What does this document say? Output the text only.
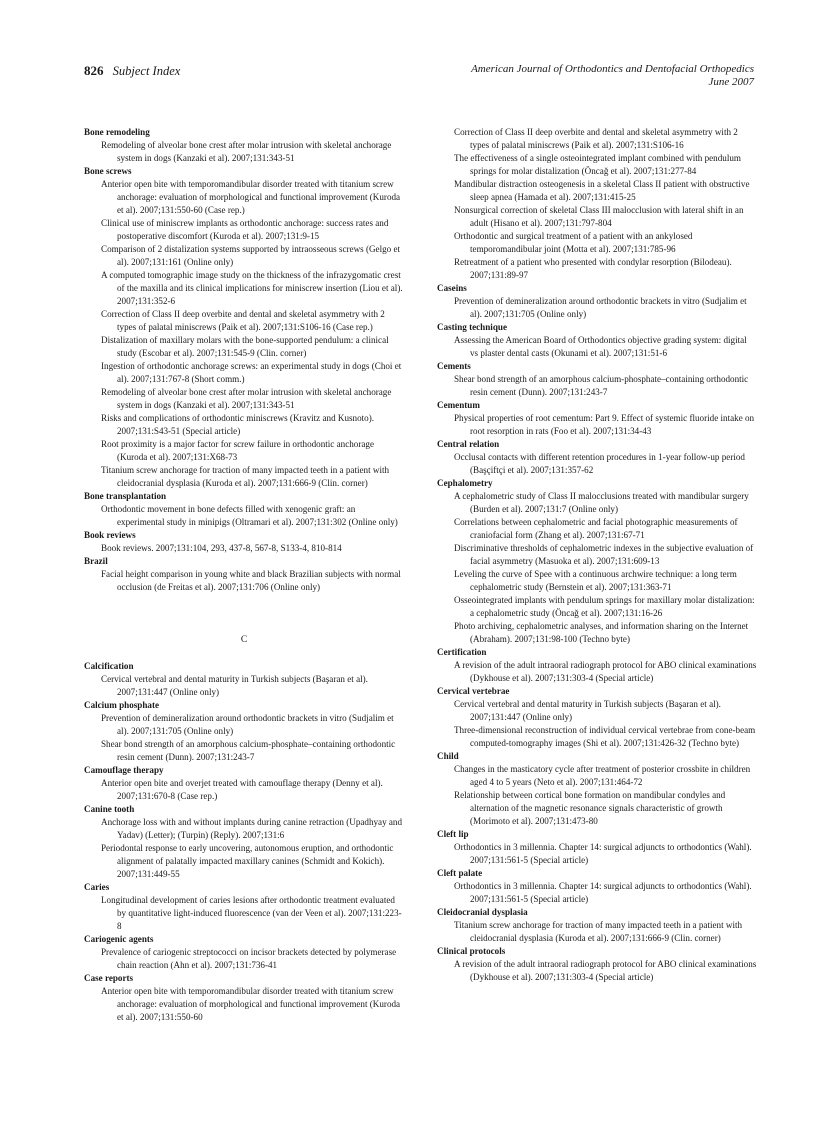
826 Subject Index	American Journal of Orthodontics and Dentofacial Orthopedics
June 2007
Bone remodeling
Remodeling of alveolar bone crest after molar intrusion with skeletal anchorage system in dogs (Kanzaki et al). 2007;131:343-51
Bone screws
Anterior open bite with temporomandibular disorder treated with titanium screw anchorage: evaluation of morphological and functional improvement (Kuroda et al). 2007;131:550-60 (Case rep.)
Clinical use of miniscrew implants as orthodontic anchorage: success rates and postoperative discomfort (Kuroda et al). 2007;131:9-15
Comparison of 2 distalization systems supported by intraosseous screws (Gelgo et al). 2007;131:161 (Online only)
A computed tomographic image study on the thickness of the infrazygomatic crest of the maxilla and its clinical implications for miniscrew insertion (Liou et al). 2007;131:352-6
Correction of Class II deep overbite and dental and skeletal asymmetry with 2 types of palatal miniscrews (Paik et al). 2007;131:S106-16 (Case rep.)
Distalization of maxillary molars with the bone-supported pendulum: a clinical study (Escobar et al). 2007;131:545-9 (Clin. corner)
Ingestion of orthodontic anchorage screws: an experimental study in dogs (Choi et al). 2007;131:767-8 (Short comm.)
Remodeling of alveolar bone crest after molar intrusion with skeletal anchorage system in dogs (Kanzaki et al). 2007;131:343-51
Risks and complications of orthodontic miniscrews (Kravitz and Kusnoto). 2007;131:S43-51 (Special article)
Root proximity is a major factor for screw failure in orthodontic anchorage (Kuroda et al). 2007;131:X68-73
Titanium screw anchorage for traction of many impacted teeth in a patient with cleidocranial dysplasia (Kuroda et al). 2007;131:666-9 (Clin. corner)
Bone transplantation
Orthodontic movement in bone defects filled with xenogenic graft: an experimental study in minipigs (Oltramari et al). 2007;131:302 (Online only)
Book reviews
Book reviews. 2007;131:104, 293, 437-8, 567-8, S133-4, 810-814
Brazil
Facial height comparison in young white and black Brazilian subjects with normal occlusion (de Freitas et al). 2007;131:706 (Online only)
C
Calcification
Cervical vertebral and dental maturity in Turkish subjects (Başaran et al). 2007;131:447 (Online only)
Calcium phosphate
Prevention of demineralization around orthodontic brackets in vitro (Sudjalim et al). 2007;131:705 (Online only)
Shear bond strength of an amorphous calcium-phosphate–containing orthodontic resin cement (Dunn). 2007;131:243-7
Camouflage therapy
Anterior open bite and overjet treated with camouflage therapy (Denny et al). 2007;131:670-8 (Case rep.)
Canine tooth
Anchorage loss with and without implants during canine retraction (Upadhyay and Yadav) (Letter); (Turpin) (Reply). 2007;131:6
Periodontal response to early uncovering, autonomous eruption, and orthodontic alignment of palatally impacted maxillary canines (Schmidt and Kokich). 2007;131:449-55
Caries
Longitudinal development of caries lesions after orthodontic treatment evaluated by quantitative light-induced fluorescence (van der Veen et al). 2007;131:223-8
Cariogenic agents
Prevalence of cariogenic streptococci on incisor brackets detected by polymerase chain reaction (Ahn et al). 2007;131:736-41
Case reports
Anterior open bite with temporomandibular disorder treated with titanium screw anchorage: evaluation of morphological and functional improvement (Kuroda et al). 2007;131:550-60
Correction of Class II deep overbite and dental and skeletal asymmetry with 2 types of palatal miniscrews (Paik et al). 2007;131:S106-16
The effectiveness of a single osteointegrated implant combined with pendulum springs for molar distalization (Öncağ et al). 2007;131:277-84
Mandibular distraction osteogenesis in a skeletal Class II patient with obstructive sleep apnea (Hamada et al). 2007;131:415-25
Nonsurgical correction of skeletal Class III malocclusion with lateral shift in an adult (Hisano et al). 2007;131:797-804
Orthodontic and surgical treatment of a patient with an ankylosed temporomandibular joint (Motta et al). 2007;131:785-96
Retreatment of a patient who presented with condylar resorption (Bilodeau). 2007;131:89-97
Caseins
Prevention of demineralization around orthodontic brackets in vitro (Sudjalim et al). 2007;131:705 (Online only)
Casting technique
Assessing the American Board of Orthodontics objective grading system: digital vs plaster dental casts (Okunami et al). 2007;131:51-6
Cements
Shear bond strength of an amorphous calcium-phosphate–containing orthodontic resin cement (Dunn). 2007;131:243-7
Cementum
Physical properties of root cementum: Part 9. Effect of systemic fluoride intake on root resorption in rats (Foo et al). 2007;131:34-43
Central relation
Occlusal contacts with different retention procedures in 1-year follow-up period (Başçiftçi et al). 2007;131:357-62
Cephalometry
A cephalometric study of Class II malocclusions treated with mandibular surgery (Burden et al). 2007;131:7 (Online only)
Correlations between cephalometric and facial photographic measurements of craniofacial form (Zhang et al). 2007;131:67-71
Discriminative thresholds of cephalometric indexes in the subjective evaluation of facial asymmetry (Masuoka et al). 2007;131:609-13
Leveling the curve of Spee with a continuous archwire technique: a long term cephalometric study (Bernstein et al). 2007;131:363-71
Osseointegrated implants with pendulum springs for maxillary molar distalization: a cephalometric study (Öncağ et al). 2007;131:16-26
Photo archiving, cephalometric analyses, and information sharing on the Internet (Abraham). 2007;131:98-100 (Techno byte)
Certification
A revision of the adult intraoral radiograph protocol for ABO clinical examinations (Dykhouse et al). 2007;131:303-4 (Special article)
Cervical vertebrae
Cervical vertebral and dental maturity in Turkish subjects (Başaran et al). 2007;131:447 (Online only)
Three-dimensional reconstruction of individual cervical vertebrae from cone-beam computed-tomography images (Shi et al). 2007;131:426-32 (Techno byte)
Child
Changes in the masticatory cycle after treatment of posterior crossbite in children aged 4 to 5 years (Neto et al). 2007;131:464-72
Relationship between cortical bone formation on mandibular condyles and alternation of the magnetic resonance signals characteristic of growth (Morimoto et al). 2007;131:473-80
Cleft lip
Orthodontics in 3 millennia. Chapter 14: surgical adjuncts to orthodontics (Wahl). 2007;131:561-5 (Special article)
Cleft palate
Orthodontics in 3 millennia. Chapter 14: surgical adjuncts to orthodontics (Wahl). 2007;131:561-5 (Special article)
Cleidocranial dysplasia
Titanium screw anchorage for traction of many impacted teeth in a patient with cleidocranial dysplasia (Kuroda et al). 2007;131:666-9 (Clin. corner)
Clinical protocols
A revision of the adult intraoral radiograph protocol for ABO clinical examinations (Dykhouse et al). 2007;131:303-4 (Special article)
